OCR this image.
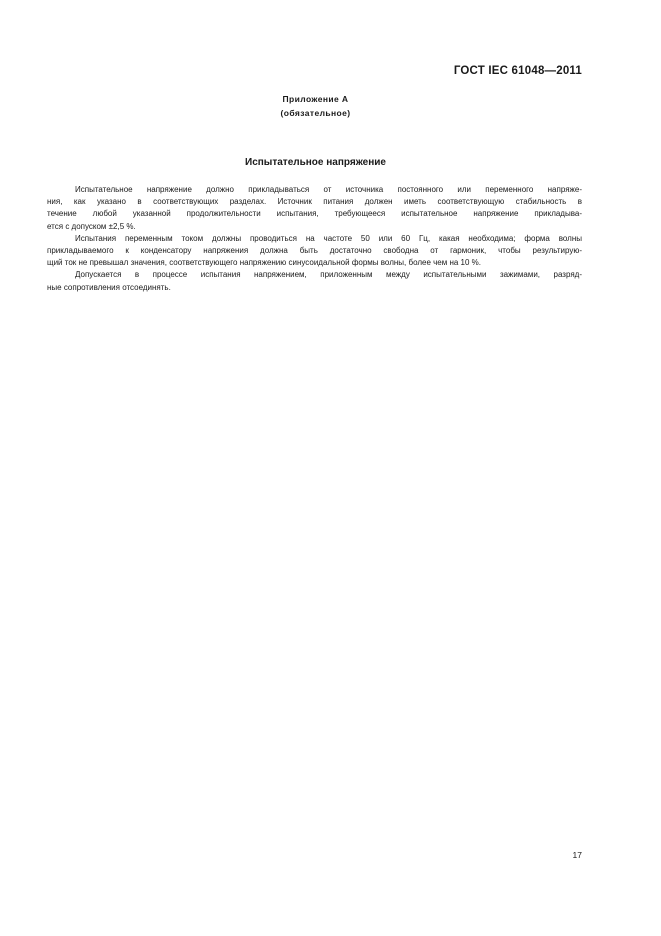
ГОСТ IEC 61048—2011
Приложение А
(обязательное)
Испытательное напряжение
Испытательное напряжение должно прикладываться от источника постоянного или переменного напряже-
ния, как указано в соответствующих разделах. Источник питания должен иметь соответствующую стабильность в
течение любой указанной продолжительности испытания, требующееся испытательное напряжение прикладыва-
ется с допуском ±2,5 %.
Испытания переменным током должны проводиться на частоте 50 или 60 Гц, какая необходима; форма волны
прикладываемого к конденсатору напряжения должна быть достаточно свободна от гармоник, чтобы результирую-
щий ток не превышал значения, соответствующего напряжению синусоидальной формы волны, более чем на 10 %.
Допускается в процессе испытания напряжением, приложенным между испытательными зажимами, разряд-
ные сопротивления отсоединять.
17
